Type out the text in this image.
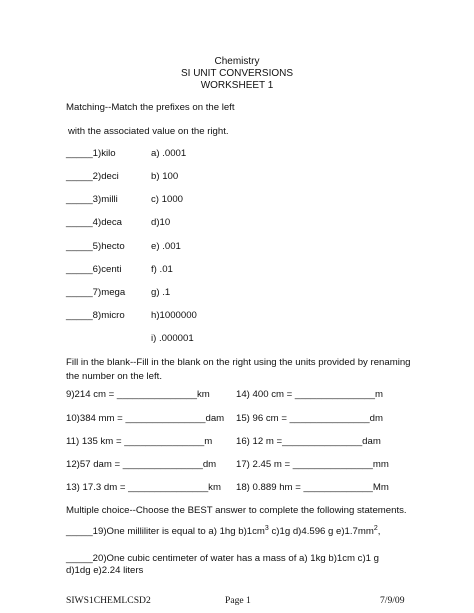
Chemistry
SI UNIT CONVERSIONS
WORKSHEET 1
Matching--Match the prefixes on the left
with the associated value on the right.
_____1)kilo
_____2)deci
_____3)milli
_____4)deca
_____5)hecto
_____6)centi
_____7)mega
_____8)micro
a) .0001
b) 100
c) 1000
d)10
e) .001
f) .01
g) .1
h)1000000
i) .000001
Fill in the blank--Fill in the blank on the right using the units provided by renaming the number on the left.
9)214 cm = _______________km
10)384 mm = _______________dam
11) 135 km = _______________m
12)57 dam = _______________dm
13) 17.3 dm = _______________km
14) 400 cm = _______________m
15) 96 cm = _______________dm
16) 12 m =_______________dam
17) 2.45 m = _______________mm
18) 0.889 hm = _____________Mm
Multiple choice--Choose the BEST answer to complete the following statements.
_____19)One milliliter is equal to a) 1hg $b)1cm^3$ c)1g d)4.596 g $e)1.7mm^2$,
_____20)One cubic centimeter of water has a mass of a) 1kg b)1cm c)1 g
d)1dg e)2.24 liters
SIWS1CHEMLCSD2	Page 1	7/9/09
